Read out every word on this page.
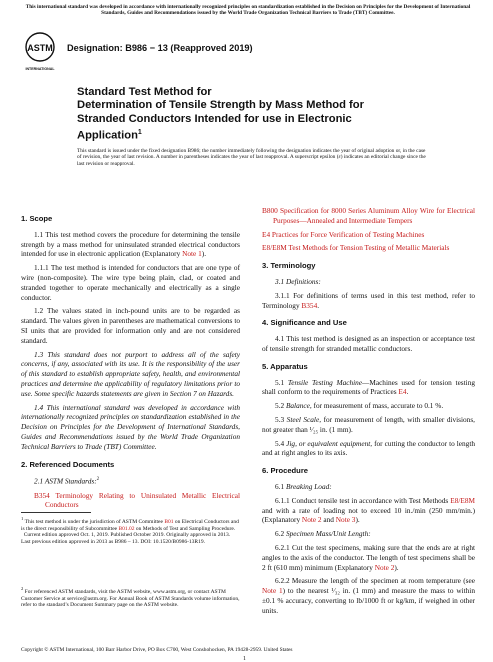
This international standard was developed in accordance with internationally recognized principles on standardization established in the Decision on Principles for the Development of International Standards, Guides and Recommendations issued by the World Trade Organization Technical Barriers to Trade (TBT) Committee.
ASTM
INTERNATIONAL
Designation: B986 − 13 (Reapproved 2019)
Standard Test Method for
Determination of Tensile Strength by Mass Method for
Stranded Conductors Intended for use in Electronic
Application$^1$
This standard is issued under the fixed designation B986; the number immediately following the designation indicates the year of original adoption or, in the case of revision, the year of last revision. A number in parentheses indicates the year of last reapproval. A superscript epsilon (ε) indicates an editorial change since the last revision or reapproval.
1. Scope

1.1 This test method covers the procedure for determining the tensile strength by a mass method for uninsulated stranded electrical conductors intended for use in electronic application (Explanatory Note 1).

1.1.1 The test method is intended for conductors that are one type of wire (non-composite). The wire type being plain, clad, or coated and stranded together to operate mechanically and electrically as a single conductor.

1.2 The values stated in inch-pound units are to be regarded as standard. The values given in parentheses are mathematical conversions to SI units that are provided for information only and are not considered standard.

1.3 This standard does not purport to address all of the safety concerns, if any, associated with its use. It is the responsibility of the user of this standard to establish appropriate safety, health, and environmental practices and determine the applicability of regulatory limitations prior to use. Some specific hazards statements are given in Section 7 on Hazards.

1.4 This international standard was developed in accordance with internationally recognized principles on standardization established in the Decision on Principles for the Development of International Standards, Guides and Recommendations issued by the World Trade Organization Technical Barriers to Trade (TBT) Committee.

2. Referenced Documents

2.1 ASTM Standards:$^2$

B354 Terminology Relating to Uninsulated Metallic Electrical Conductors

$^1$ This test method is under the jurisdiction of ASTM Committee B01 on Electrical Conductors and is the direct responsibility of Subcommittee B01.02 on Methods of Test and Sampling Procedure.
Current edition approved Oct. 1, 2019. Published October 2019. Originally approved in 2013. Last previous edition approved in 2013 as B986 – 13. DOI: 10.1520/B0986-13R19.
$^2$ For referenced ASTM standards, visit the ASTM website, www.astm.org, or contact ASTM Customer Service at service@astm.org. For Annual Book of ASTM Standards volume information, refer to the standard’s Document Summary page on the ASTM website.
Copyright © ASTM International, 100 Barr Harbor Drive, PO Box C700, West Conshohocken, PA 19428-2959. United States
1

B800 Specification for 8000 Series Aluminum Alloy Wire for Electrical Purposes—Annealed and Intermediate Tempers

E4 Practices for Force Verification of Testing Machines

E8/E8M Test Methods for Tension Testing of Metallic Materials

3. Terminology

3.1 Definitions:

3.1.1 For definitions of terms used in this test method, refer to Terminology B354.

4. Significance and Use

4.1 This test method is designed as an inspection or acceptance test of tensile strength for stranded metallic conductors.

5. Apparatus

5.1 Tensile Testing Machine—Machines used for tension testing shall conform to the requirements of Practices E4.

5.2 Balance, for measurement of mass, accurate to 0.1 %.

5.3 Steel Scale, for measurement of length, with smaller divisions, not greater than ¹⁄₂₅ in. (1 mm).

5.4 Jig, or equivalent equipment, for cutting the conductor to length and at right angles to its axis.

6. Procedure

6.1 Breaking Load:

6.1.1 Conduct tensile test in accordance with Test Methods E8/E8M and with a rate of loading not to exceed 10 in./min (250 mm/min.) (Explanatory Note 2 and Note 3).

6.2 Specimen Mass/Unit Length:

6.2.1 Cut the test specimens, making sure that the ends are at right angles to the axis of the conductor. The length of test specimens shall be 2 ft (610 mm) minimum (Explanatory Note 2).

6.2.2 Measure the length of the specimen at room temperature (see Note 1) to the nearest ¹⁄₃₂ in. (1 mm) and measure the mass to within ±0.1 % accuracy, converting to lb/1000 ft or kg/km, if weighed in other units.
